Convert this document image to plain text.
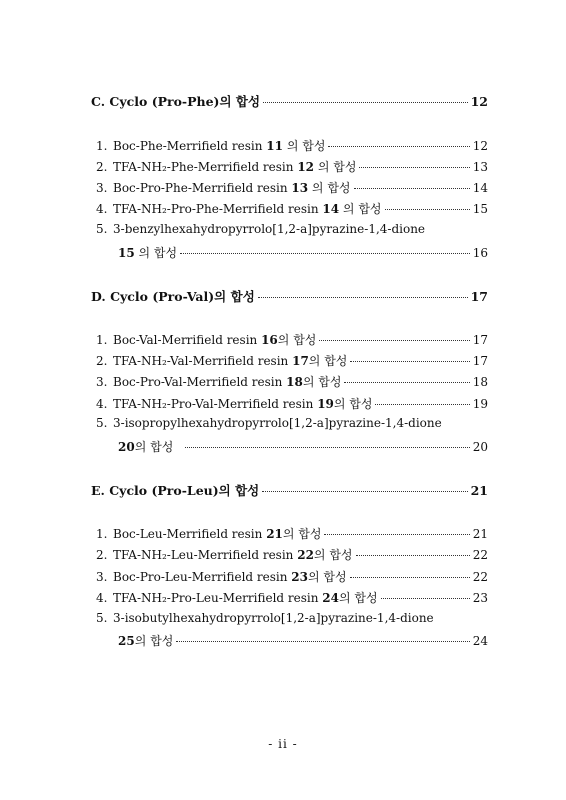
C. Cyclo (Pro-Phe)의 합성	12
1. Boc-Phe-Merrifield resin 11 의 합성	12
2. TFA-NH₂-Phe-Merrifield resin 12 의 합성	13
3. Boc-Pro-Phe-Merrifield resin 13 의 합성	14
4. TFA-NH₂-Pro-Phe-Merrifield resin 14 의 합성	15
5. 3-benzylhexahydropyrrolo[1,2-a]pyrazine-1,4-dione
15 의 합성	16
D. Cyclo (Pro-Val)의 합성	17
1. Boc-Val-Merrifield resin 16의 합성	17
2. TFA-NH₂-Val-Merrifield resin 17의 합성	17
3. Boc-Pro-Val-Merrifield resin 18의 합성	18
4. TFA-NH₂-Pro-Val-Merrifield resin 19의 합성	19
5. 3-isopropylhexahydropyrrolo[1,2-a]pyrazine-1,4-dione
20의 합성	20
E. Cyclo (Pro-Leu)의 합성	21
1. Boc-Leu-Merrifield resin 21의 합성	21
2. TFA-NH₂-Leu-Merrifield resin 22의 합성	22
3. Boc-Pro-Leu-Merrifield resin 23의 합성	22
4. TFA-NH₂-Pro-Leu-Merrifield resin 24의 합성	23
5. 3-isobutylhexahydropyrrolo[1,2-a]pyrazine-1,4-dione
25의 합성	24
- ii -
